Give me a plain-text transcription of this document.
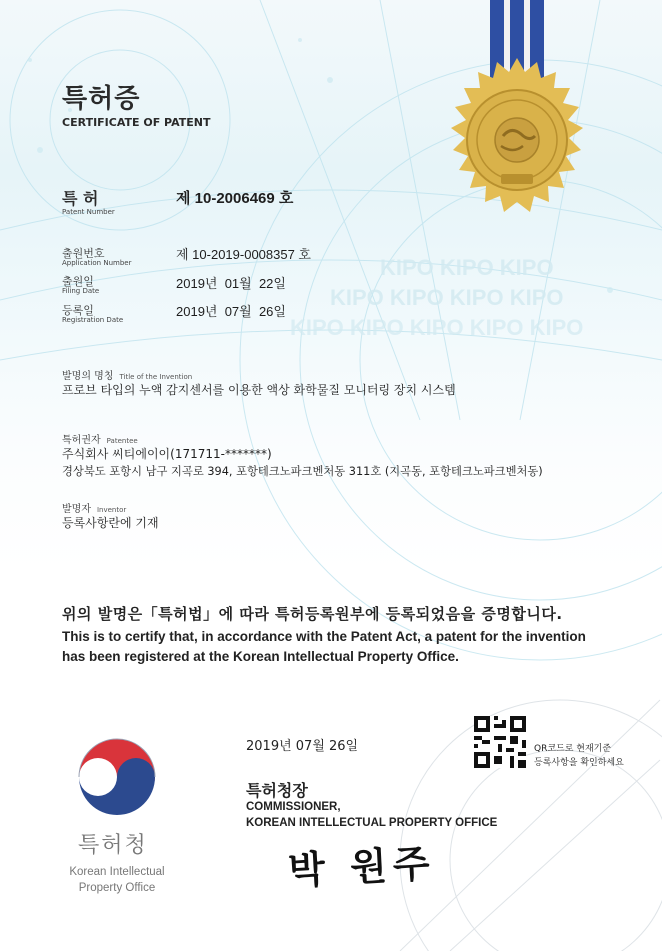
KIPO KIPO KIPO
KIPO KIPO KIPO KIPO
KIPO KIPO KIPO KIPO KIPO
특허증
CERTIFICATE OF PATENT
특 허
Patent Number
제 10-2006469 호
출원번호
Application Number
제 10-2019-0008357 호
출원일
Filing Date	2019년  01월  22일
등록일
Registration Date
2019년  07월  26일
발명의 명칭 Title of the Invention
프로브 타입의 누액 감지센서를 이용한 액상 화학물질 모니터링 장치 시스템
특허권자 Patentee
주식회사 씨티에이이(171711-*******)
경상북도 포항시 남구 지곡로 394, 포항테크노파크벤처동 311호 (지곡동, 포항테크노파크벤처동)
발명자 Inventor
등록사항란에 기재
위의 발명은「특허법」에 따라 특허등록원부에 등록되었음을 증명합니다.
This is to certify that, in accordance with the Patent Act, a patent for the invention
has been registered at the Korean Intellectual Property Office.
2019년 07월 26일	QR코드로 현재기준
등록사항을 확인하세요
특허청장
COMMISSIONER,
KOREAN INTELLECTUAL PROPERTY OFFICE
박 원주
특허청
Korean Intellectual
Property Office
